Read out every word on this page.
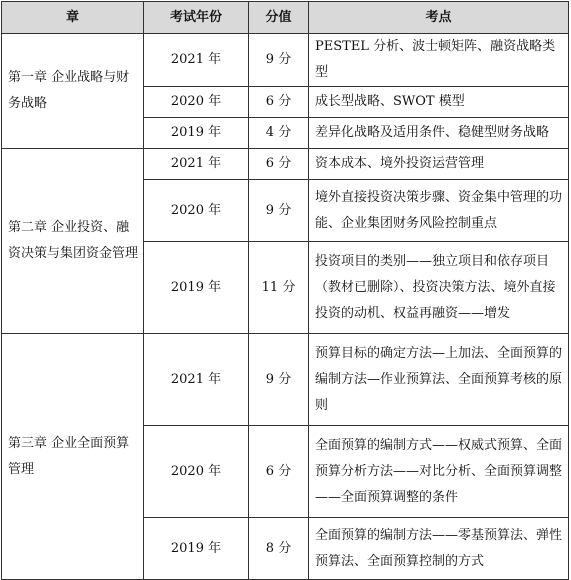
章	考试年份	分值	考点
第一章 企业战略与财务战略	2021 年	9 分	PESTEL 分析、波士顿矩阵、融资战略类型
	2020 年	6 分	成长型战略、SWOT 模型
	2019 年	4 分	差异化战略及适用条件、稳健型财务战略
第二章 企业投资、融资决策与集团资金管理	2021 年	6 分	资本成本、境外投资运营管理
	2020 年	9 分	境外直接投资决策步骤、资金集中管理的功能、企业集团财务风险控制重点
	2019 年	11 分	投资项目的类别——独立项目和依存项目（教材已删除）、投资决策方法、境外直接投资的动机、权益再融资——增发
第三章 企业全面预算管理	2021 年	9 分	预算目标的确定方法—上加法、全面预算的编制方法—作业预算法、全面预算考核的原则
	2020 年	6 分	全面预算的编制方式——权威式预算、全面预算分析方法——对比分析、全面预算调整——全面预算调整的条件
	2019 年	8 分	全面预算的编制方法——零基预算法、弹性预算法、全面预算控制的方式
